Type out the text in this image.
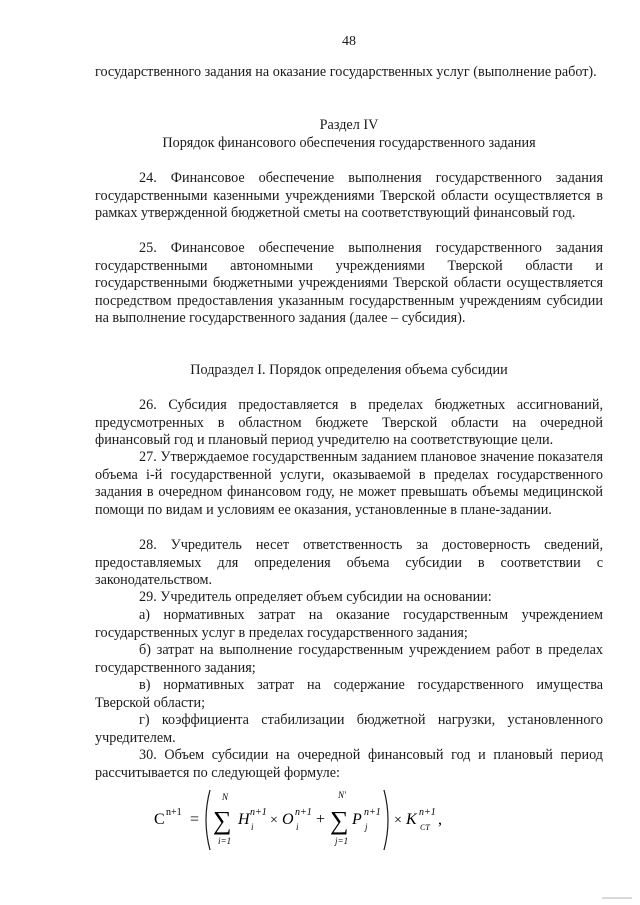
48

государственного задания на оказание государственных услуг (выполнение работ).

Раздел IV

Порядок финансового обеспечения государственного задания

24. Финансовое обеспечение выполнения государственного задания государственными казенными учреждениями Тверской области осуществляется в рамках утвержденной бюджетной сметы на соответствующий финансовый год.

25. Финансовое обеспечение выполнения государственного задания государственными автономными учреждениями Тверской области и государственными бюджетными учреждениями Тверской области осуществляется посредством предоставления указанным государственным учреждениям субсидии на выполнение государственного задания (далее – субсидия).

Подраздел I. Порядок определения объема субсидии

26. Субсидия предоставляется в пределах бюджетных ассигнований, предусмотренных в областном бюджете Тверской области на очередной финансовый год и плановый период учредителю на соответствующие цели.

27. Утверждаемое государственным заданием плановое значение показателя объема i-й государственной услуги, оказываемой в пределах государственного задания в очередном финансовом году, не может превышать объемы медицинской помощи по видам и условиям ее оказания, установленные в плане-задании.

28. Учредитель несет ответственность за достоверность сведений, предоставляемых для определения объема субсидии в соответствии с законодательством.

29. Учредитель определяет объем субсидии на основании:

а) нормативных затрат на оказание государственным учреждением государственных услуг в пределах государственного задания;

б) затрат на выполнение государственным учреждением работ в пределах государственного задания;

в) нормативных затрат на содержание государственного имущества Тверской области;

г) коэффициента стабилизации бюджетной нагрузки, установленного учредителем.

30. Объем субсидии на очередной финансовый год и плановый период рассчитывается по следующей формуле:

C n+1 =
N
∑
i=1
H n+1
i × O n+1
i +
N'
∑
j=1
P n+1
j × K n+1
CT ,
